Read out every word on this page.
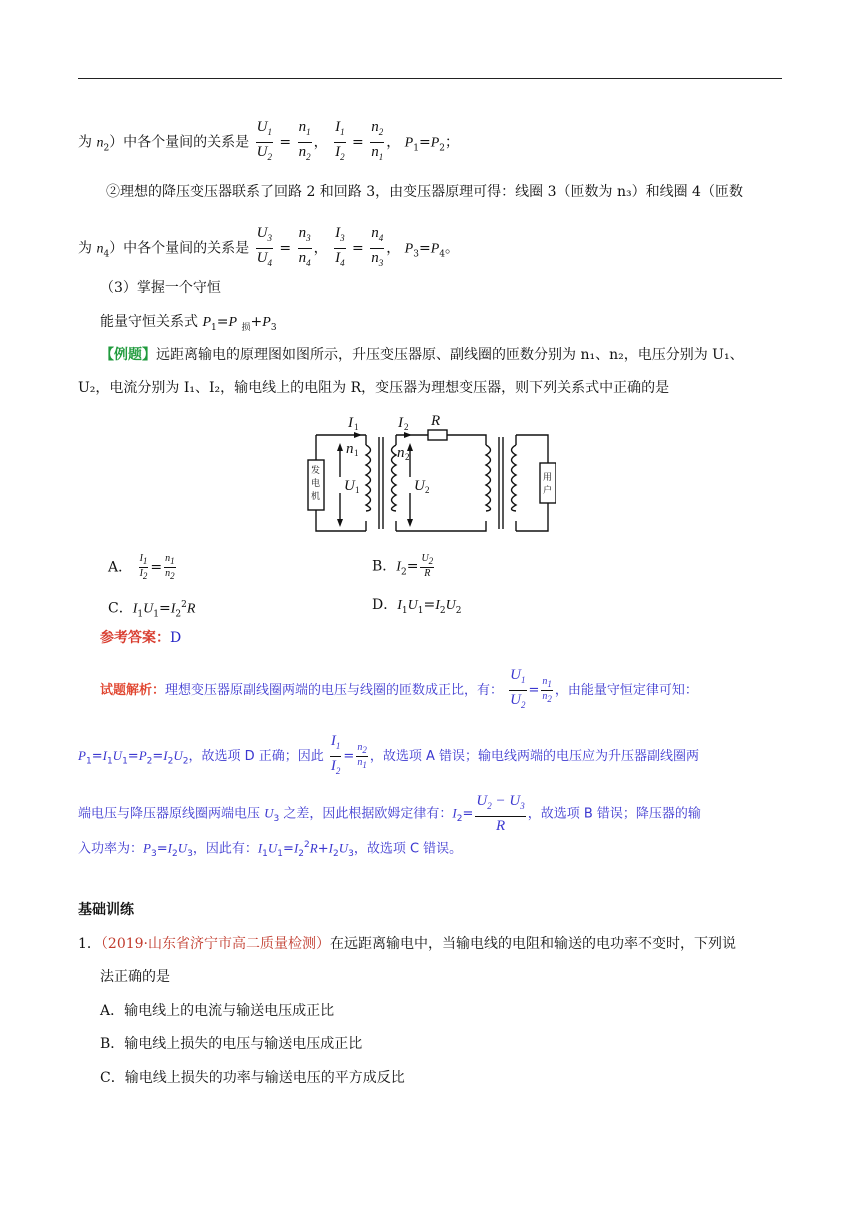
为 $n_2$）中各个量间的关系是 $\frac{U_1}{U_2} = \frac{n_1}{n_2}$ ， $\frac{I_1}{I_2} = \frac{n_2}{n_1}$ ， $P_1=P_2$；
②理想的降压变压器联系了回路 2 和回路 3，由变压器原理可得：线圈 3（匝数为 n₃）和线圈 4（匝数
为 $n_4$）中各个量间的关系是 $\frac{U_3}{U_4} = \frac{n_3}{n_4}$ ， $\frac{I_3}{I_4} = \frac{n_4}{n_3}$ ， $P_3=P_4$。
（3）掌握一个守恒
能量守恒关系式 $P_1=P$ $_损+P_3$
【例题】远距离输电的原理图如图所示，升压变压器原、副线圈的匝数分别为 n₁、n₂，电压分别为 U₁、
U₂，电流分别为 I₁、I₂，输电线上的电阻为 R，变压器为理想变压器，则下列关系式中正确的是
I 1	I 2 R
n 1	n 2
U 1	U 2
发
电
机
用
户
A． $\frac{I_1}{I_2} = \frac{n_1}{n_2}$	B．$I_2= \frac{U_2}{R}$
C．$I_1U_1=I_2^2R$	D．$I_1U_1=I_2U_2$
参考答案：D
试题解析：理想变压器原副线圈两端的电压与线圈的匝数成正比，有： $\frac{U_1}{U_2} = \frac{n_1}{n_2}$ ，由能量守恒定律可知：
$P_1=I_1U_1=P_2=I_2U_2$，故选项 D 正确；因此 $\frac{I_1}{I_2} = \frac{n_2}{n_1}$ ，故选项 A 错误；输电线两端的电压应为升压器副线圈两
端电压与降压器原线圈两端电压 $U_3$ 之差，因此根据欧姆定律有：$I_2= \frac{U_2 - U_3}{R}$ ，故选项 B 错误；降压器的输
入功率为：$P_3=I_2U_3$，因此有：$I_1U_1=I_2^2R+I_2U_3$，故选项 C 错误。
基础训练
1．（2019·山东省济宁市高二质量检测）在远距离输电中，当输电线的电阻和输送的电功率不变时，下列说
法正确的是
A．输电线上的电流与输送电压成正比
B．输电线上损失的电压与输送电压成正比
C．输电线上损失的功率与输送电压的平方成反比
